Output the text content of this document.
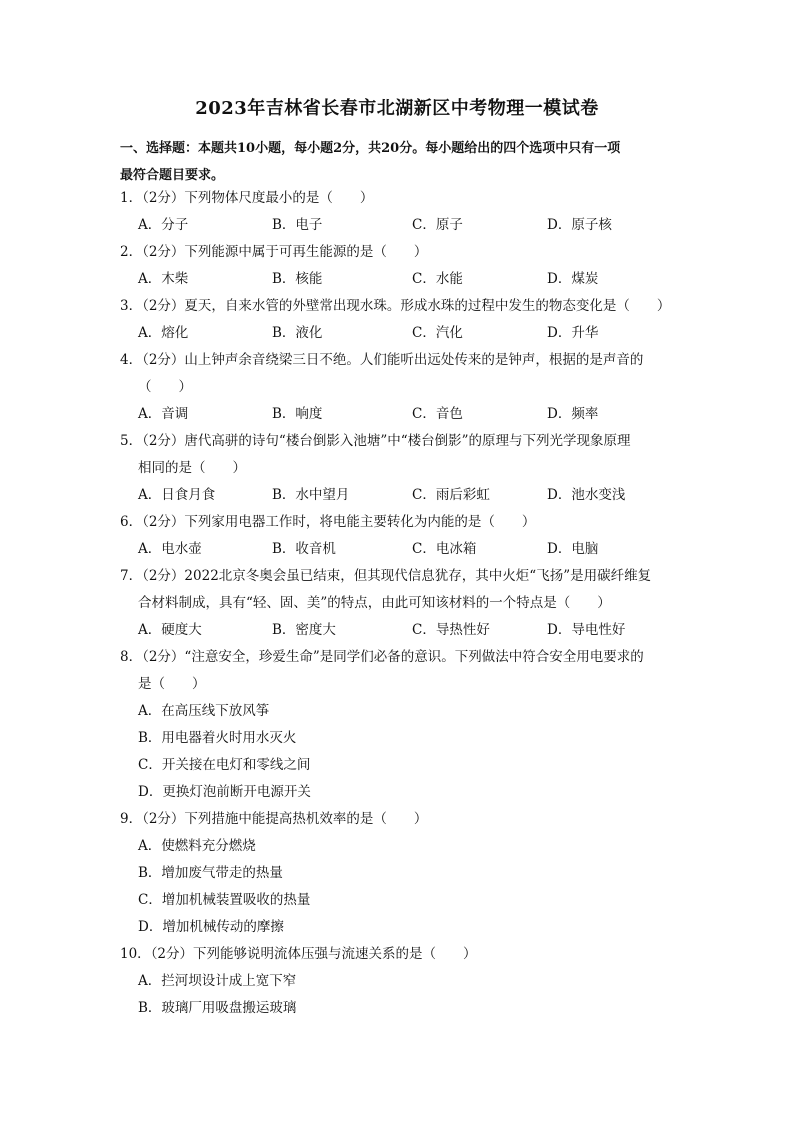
2023年吉林省长春市北湖新区中考物理一模试卷
一、选择题：本题共10小题，每小题2分，共20分。每小题给出的四个选项中只有一项
最符合题目要求。
1．（2分）下列物体尺度最小的是（　　）
A．分子	B．电子	C．原子	D．原子核
2．（2分）下列能源中属于可再生能源的是（　　）
A．木柴	B．核能	C．水能	D．煤炭
3．（2分）夏天，自来水管的外壁常出现水珠。形成水珠的过程中发生的物态变化是（　　）
A．熔化	B．液化	C．汽化	D．升华
4．（2分）山上钟声余音绕梁三日不绝。人们能听出远处传来的是钟声，根据的是声音的
（　　）
A．音调	B．响度	C．音色	D．频率
5．（2分）唐代高骈的诗句“楼台倒影入池塘”中“楼台倒影”的原理与下列光学现象原理
相同的是（　　）
A．日食月食	B．水中望月	C．雨后彩虹	D．池水变浅
6．（2分）下列家用电器工作时，将电能主要转化为内能的是（　　）
A．电水壶	B．收音机	C．电冰箱	D．电脑
7．（2分）2022北京冬奥会虽已结束，但其现代信息犹存，其中火炬“飞扬”是用碳纤维复
合材料制成，具有“轻、固、美”的特点，由此可知该材料的一个特点是（　　）
A．硬度大	B．密度大	C．导热性好	D．导电性好
8．（2分）“注意安全，珍爱生命”是同学们必备的意识。下列做法中符合安全用电要求的
是（　　）
A．在高压线下放风筝
B．用电器着火时用水灭火
C．开关接在电灯和零线之间
D．更换灯泡前断开电源开关
9．（2分）下列措施中能提高热机效率的是（　　）
A．使燃料充分燃烧
B．增加废气带走的热量
C．增加机械装置吸收的热量
D．增加机械传动的摩擦
10．（2分）下列能够说明流体压强与流速关系的是（　　）
A．拦河坝设计成上宽下窄
B．玻璃厂用吸盘搬运玻璃
